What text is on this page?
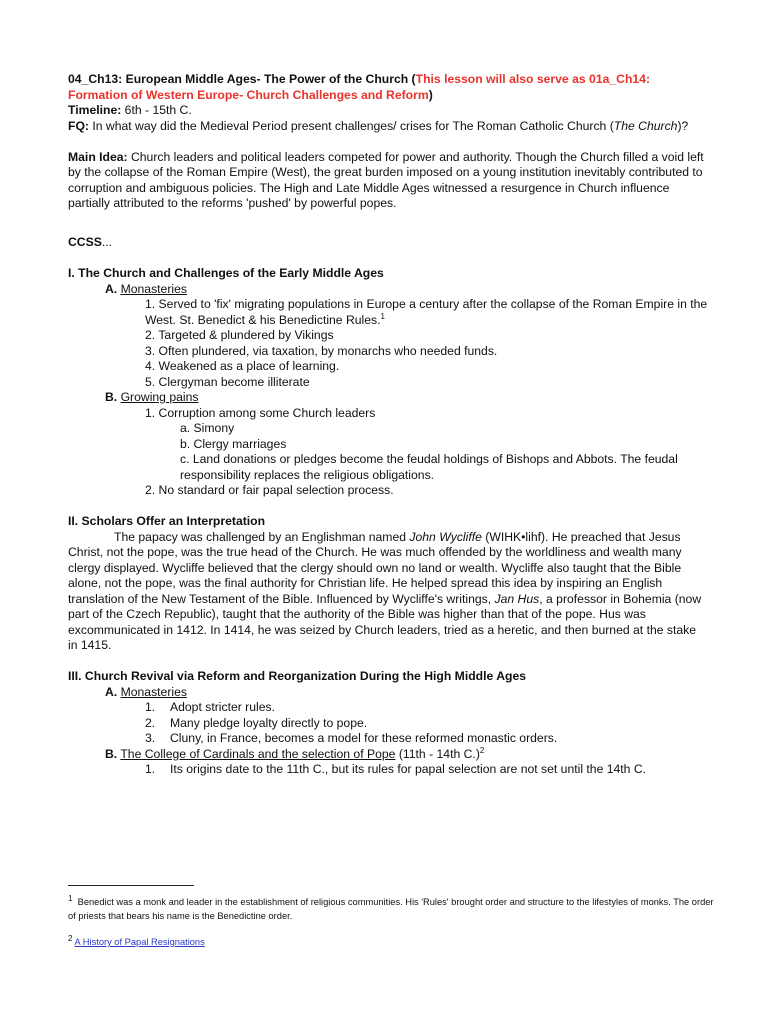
04_Ch13: European Middle Ages- The Power of the Church (This lesson will also serve as 01a_Ch14: Formation of Western Europe- Church Challenges and Reform)

Timeline: 6th - 15th C.

FQ: In what way did the Medieval Period present challenges/ crises for The Roman Catholic Church (The Church)?

Main Idea: Church leaders and political leaders competed for power and authority. Though the Church filled a void left by the collapse of the Roman Empire (West), the great burden imposed on a young institution inevitably contributed to corruption and ambiguous policies. The High and Late Middle Ages witnessed a resurgence in Church influence partially attributed to the reforms 'pushed' by powerful popes.

CCSS...

I. The Church and Challenges of the Early Middle Ages

A. Monasteries

1. Served to 'fix' migrating populations in Europe a century after the collapse of the Roman Empire in the West. St. Benedict & his Benedictine Rules.$^1$

2. Targeted & plundered by Vikings

3. Often plundered, via taxation, by monarchs who needed funds.

4. Weakened as a place of learning.

5. Clergyman become illiterate

B. Growing pains

1. Corruption among some Church leaders

a. Simony

b. Clergy marriages

c. Land donations or pledges become the feudal holdings of Bishops and Abbots. The feudal responsibility replaces the religious obligations.

2. No standard or fair papal selection process.

II. Scholars Offer an Interpretation

The papacy was challenged by an Englishman named John Wycliffe (WIHK•lihf). He preached that Jesus Christ, not the pope, was the true head of the Church. He was much offended by the worldliness and wealth many clergy displayed. Wycliffe believed that the clergy should own no land or wealth. Wycliffe also taught that the Bible alone, not the pope, was the final authority for Christian life. He helped spread this idea by inspiring an English translation of the New Testament of the Bible. Influenced by Wycliffe's writings, Jan Hus, a professor in Bohemia (now part of the Czech Republic), taught that the authority of the Bible was higher than that of the pope. Hus was excommunicated in 1412. In 1414, he was seized by Church leaders, tried as a heretic, and then burned at the stake in 1415.

III. Church Revival via Reform and Reorganization During the High Middle Ages

A. Monasteries

1. Adopt stricter rules.

2. Many pledge loyalty directly to pope.

3. Cluny, in France, becomes a model for these reformed monastic orders.

B. The College of Cardinals and the selection of Pope (11th - 14th C.)$^2$

1. Its origins date to the 11th C., but its rules for papal selection are not set until the 14th C.

$^1$ Benedict was a monk and leader in the establishment of religious communities. His 'Rules' brought order and structure to the lifestyles of monks. The order of priests that bears his name is the Benedictine order.

$^2$ A History of Papal Resignations
